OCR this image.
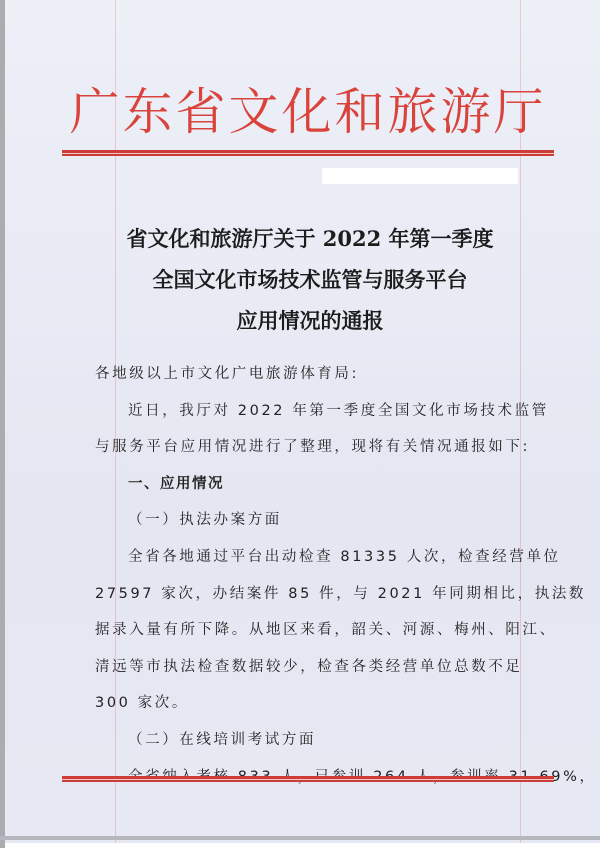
广东省文化和旅游厅
省文化和旅游厅关于 2022 年第一季度
全国文化市场技术监管与服务平台
应用情况的通报
各地级以上市文化广电旅游体育局:
近日，我厅对 2022 年第一季度全国文化市场技术监管
与服务平台应用情况进行了整理，现将有关情况通报如下:
一、应用情况
（一）执法办案方面
全省各地通过平台出动检查 81335 人次，检查经营单位
27597 家次，办结案件 85 件，与 2021 年同期相比，执法数
据录入量有所下降。从地区来看，韶关、河源、梅州、阳江、
清远等市执法检查数据较少，检查各类经营单位总数不足
300 家次。
（二）在线培训考试方面
